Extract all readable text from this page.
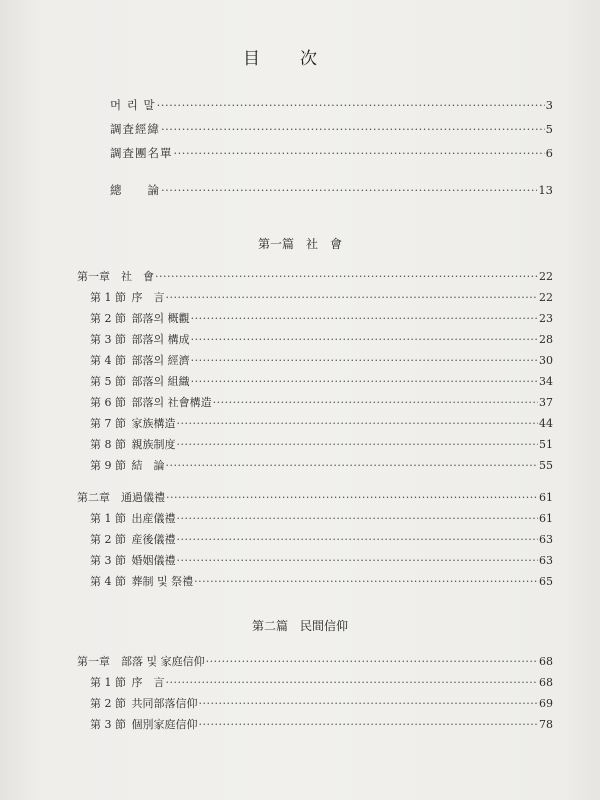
目次
머 리 말 ·····	3
調査經緯 ·····	5
調査團名單 ·····	6
總　　論 ·····	13
第一篇　社　會
第一章　社　會 ·····	22
第 1 節 序　言 ·····	22
第 2 節 部落의 概觀 ·····	23
第 3 節 部落의 構成 ·····	28
第 4 節 部落의 經濟 ·····	30
第 5 節 部落의 組織 ·····	34
第 6 節 部落의 社會構造 ·····	37
第 7 節 家族構造 ·····	44
第 8 節 親族制度 ·····	51
第 9 節 結　論 ·····	55
第二章　通過儀禮 ·····	61
第 1 節 出産儀禮 ·····	61
第 2 節 産後儀禮 ·····	63
第 3 節 婚姻儀禮 ·····	63
第 4 節 葬制 및 祭禮 ·····	65
第二篇　民間信仰
第一章　部落 및 家庭信仰 ·····	68
第 1 節 序　言 ·····	68
第 2 節 共同部落信仰 ·····	69
第 3 節 個別家庭信仰 ·····	78
